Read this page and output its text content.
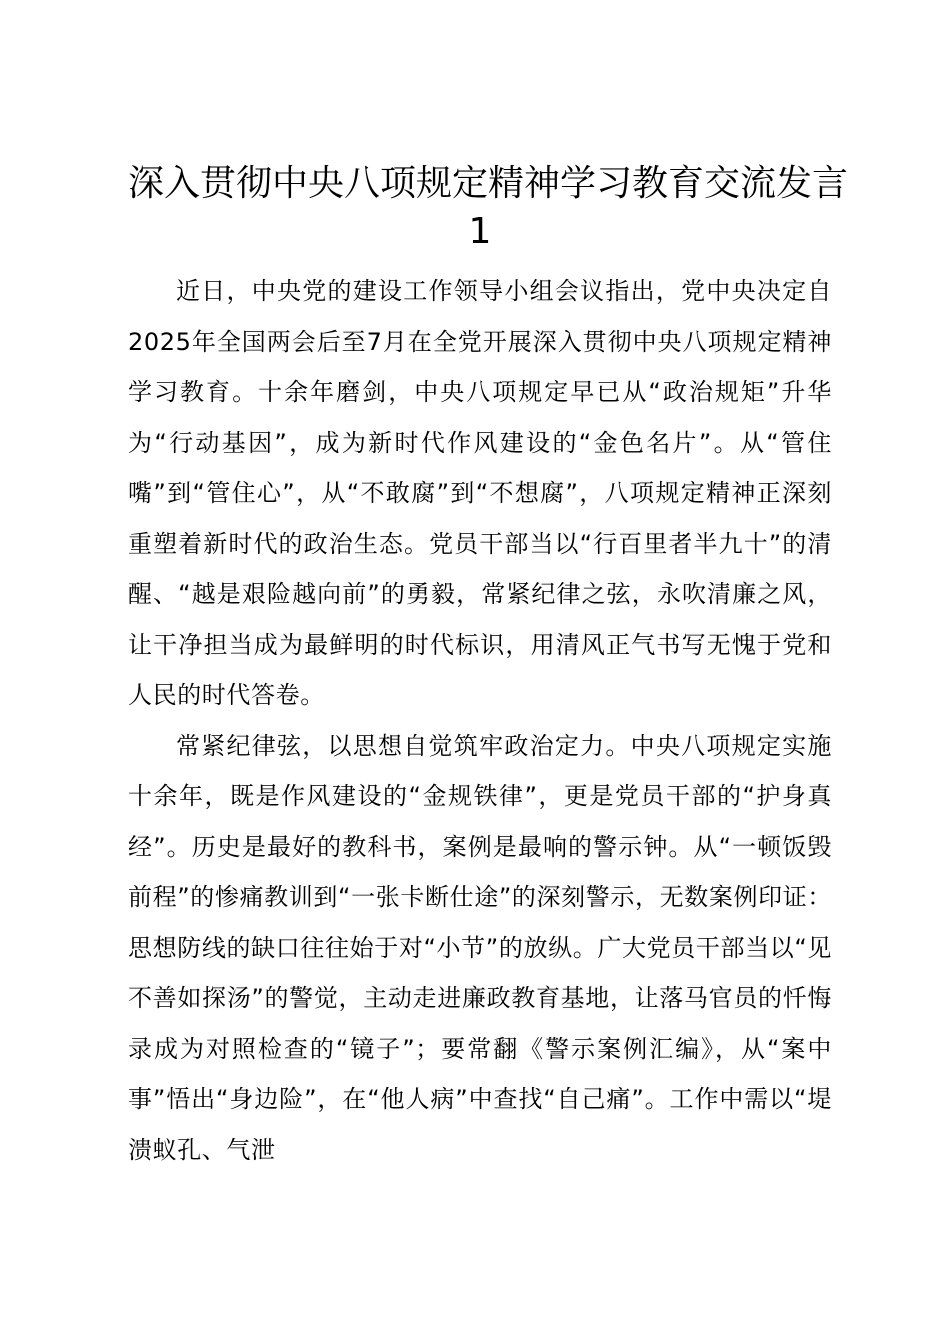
深入贯彻中央八项规定精神学习教育交流发言
1

近日，中央党的建设工作领导小组会议指出，党中央决定自2025年全国两会后至7月在全党开展深入贯彻中央八项规定精神学习教育。十余年磨剑，中央八项规定早已从“政治规矩”升华为“行动基因”，成为新时代作风建设的“金色名片”。从“管住嘴”到“管住心”，从“不敢腐”到“不想腐”，八项规定精神正深刻重塑着新时代的政治生态。党员干部当以“行百里者半九十”的清醒、“越是艰险越向前”的勇毅，常紧纪律之弦，永吹清廉之风，让干净担当成为最鲜明的时代标识，用清风正气书写无愧于党和人民的时代答卷。

常紧纪律弦，以思想自觉筑牢政治定力。中央八项规定实施十余年，既是作风建设的“金规铁律”，更是党员干部的“护身真经”。历史是最好的教科书，案例是最响的警示钟。从“一顿饭毁前程”的惨痛教训到“一张卡断仕途”的深刻警示，无数案例印证：思想防线的缺口往往始于对“小节”的放纵。广大党员干部当以“见不善如探汤”的警觉，主动走进廉政教育基地，让落马官员的忏悔录成为对照检查的“镜子”；要常翻《警示案例汇编》，从“案中事”悟出“身边险”，在“他人病”中查找“自己痛”。工作中需以“堤溃蚁孔、气泄
